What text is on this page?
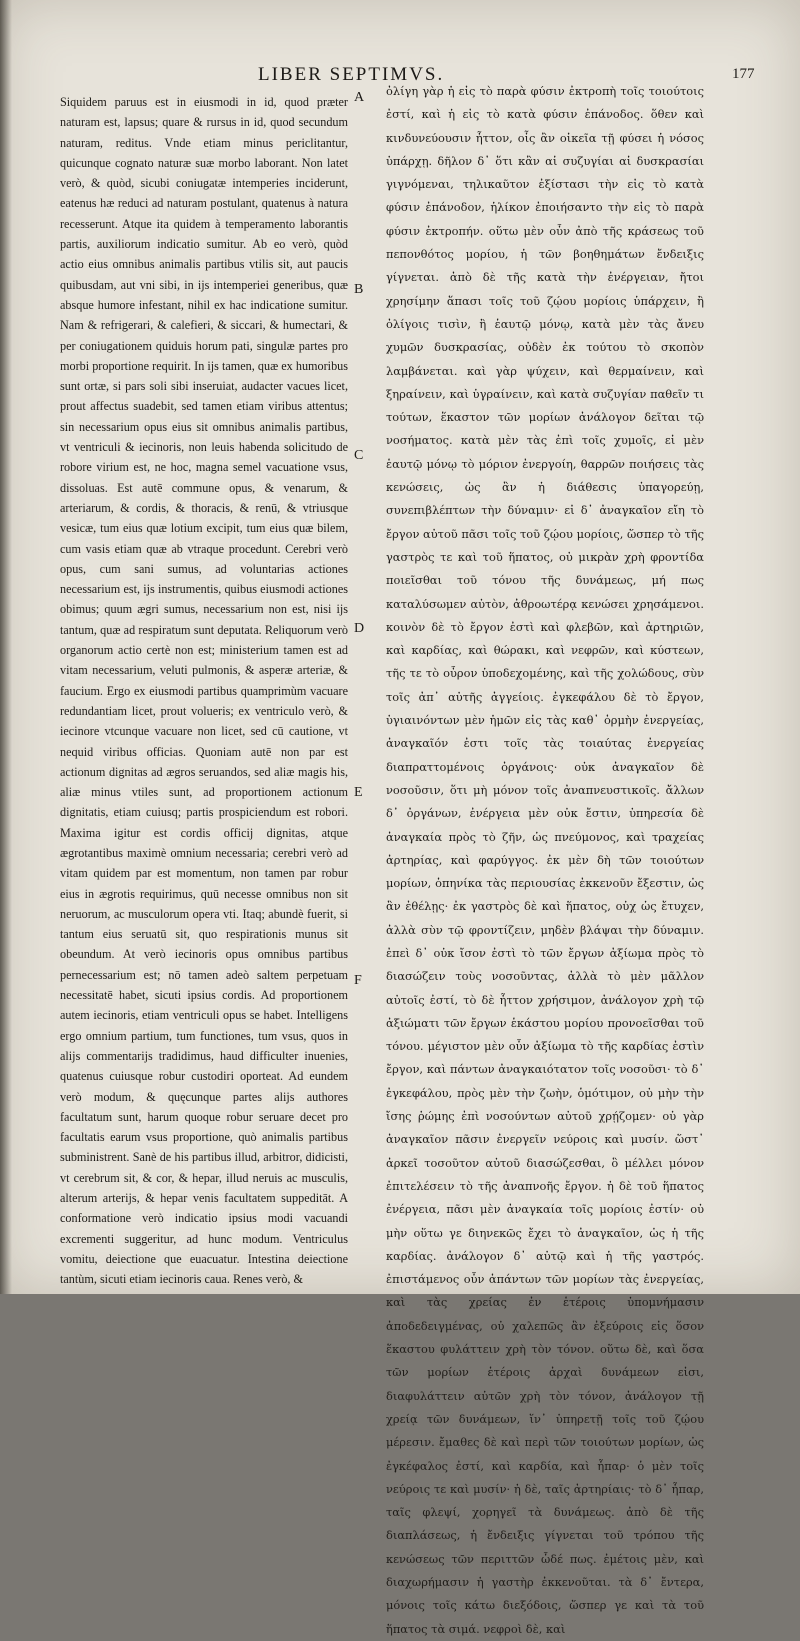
LIBER SEPTIMVS.	177

Siquidem paruus est in eiusmodi in id, quod præter naturam est, lapsus; quare & rursus in id, quod secundum naturam, reditus. Vnde etiam minus periclitantur, quicunque cognato naturæ suæ morbo laborant. Non latet verò, & quòd, sicubi coniugatæ intemperies inciderunt, eatenus hæ reduci ad naturam postulant, quatenus à natura recesserunt. Atque ita quidem à temperamento laborantis partis, auxiliorum indicatio sumitur. Ab eo verò, quòd actio eius omnibus animalis partibus vtilis sit, aut paucis quibusdam, aut vni sibi, in ijs intemperiei generibus, quæ absque humore infestant, nihil ex hac indicatione sumitur. Nam & refrigerari, & calefieri, & siccari, & humectari, & per coniugationem quiduis horum pati, singulæ partes pro morbi proportione requirit. In ijs tamen, quæ ex humoribus sunt ortæ, si pars soli sibi inseruiat, audacter vacues licet, prout affectus suadebit, sed tamen etiam viribus attentus; sin necessarium opus eius sit omnibus animalis partibus, vt ventriculi & iecinoris, non leuis habenda solicitudo de robore virium est, ne hoc, magna semel vacuatione vsus, dissoluas. Est autē commune opus, & venarum, & arteriarum, & cordis, & thoracis, & renū, & vtriusque vesicæ, tum eius quæ lotium excipit, tum eius quæ bilem, cum vasis etiam quæ ab vtraque procedunt. Cerebri verò opus, cum sani sumus, ad voluntarias actiones necessarium est, ijs instrumentis, quibus eiusmodi actiones obimus; quum ægri sumus, necessarium non est, nisi ijs tantum, quæ ad respiratum sunt deputata. Reliquorum verò organorum actio certè non est; ministerium tamen est ad vitam necessarium, veluti pulmonis, & asperæ arteriæ, & faucium. Ergo ex eiusmodi partibus quamprimùm vacuare redundantiam licet, prout volueris; ex ventriculo verò, & iecinore vtcunque vacuare non licet, sed cū cautione, vt nequid viribus officias. Quoniam autē non par est actionum dignitas ad ægros seruandos, sed aliæ magis his, aliæ minus vtiles sunt, ad proportionem actionum dignitatis, etiam cuiusq; partis prospiciendum est robori. Maxima igitur est cordis officij dignitas, atque ægrotantibus maximè omnium necessaria; cerebri verò ad vitam quidem par est momentum, non tamen par robur eius in ægrotis requirimus, quū necesse omnibus non sit neruorum, ac musculorum opera vti. Itaq; abundè fuerit, si tantum eius seruatū sit, quo respirationis munus sit obeundum. At verò iecinoris opus omnibus partibus pernecessarium est; nō tamen adeò saltem perpetuam necessitatē habet, sicuti ipsius cordis. Ad proportionem autem iecinoris, etiam ventriculi opus se habet. Intelligens ergo omnium partium, tum functiones, tum vsus, quos in alijs commentarijs tradidimus, haud difficulter inuenies, quatenus cuiusque robur custodiri oporteat. Ad eundem verò modum, & quęcunque partes alijs authores facultatum sunt, harum quoque robur seruare decet pro facultatis earum vsus proportione, quò animalis partibus subministrent. Sanè de his partibus illud, arbitror, didicisti, vt cerebrum sit, & cor, & hepar, illud neruis ac musculis, alterum arterijs, & hepar venis facultatem suppeditāt. A conformatione verò indicatio ipsius modi vacuandi excrementi suggeritur, ad hunc modum. Ventriculus vomitu, deiectione que euacuatur. Intestina deiectione tantùm, sicuti etiam iecinoris caua. Renes verò, &

A
B
C
D
E
F

ὀλίγη γὰρ ἡ εἰς τὸ παρὰ φύσιν ἐκτροπὴ τοῖς τοιούτοις ἐστί, καὶ ἡ εἰς τὸ κατὰ φύσιν ἐπάνοδος. ὅθεν καὶ κινδυνεύουσιν ἧττον, οἷς ἂν οἰκεῖα τῇ φύσει ἡ νόσος ὑπάρχῃ. δῆλον δ᾽ ὅτι κἂν αἱ συζυγίαι αἱ δυσκρασίαι γιγνόμεναι, τηλικαῦτον ἐξίστασι τὴν εἰς τὸ κατὰ φύσιν ἐπάνοδον, ἡλίκον ἐποιήσαντο τὴν εἰς τὸ παρὰ φύσιν ἐκτροπήν. οὕτω μὲν οὖν ἀπὸ τῆς κράσεως τοῦ πεπονθότος μορίου, ἡ τῶν βοηθημάτων ἔνδειξις γίγνεται. ἀπὸ δὲ τῆς κατὰ τὴν ἐνέργειαν, ἤτοι χρησίμην ἅπασι τοῖς τοῦ ζῴου μορίοις ὑπάρχειν, ἢ ὀλίγοις τισὶν, ἢ ἑαυτῷ μόνῳ, κατὰ μὲν τὰς ἄνευ χυμῶν δυσκρασίας, οὐδὲν ἐκ τούτου τὸ σκοπὸν λαμβάνεται. καὶ γὰρ ψύχειν, καὶ θερμαίνειν, καὶ ξηραίνειν, καὶ ὑγραίνειν, καὶ κατὰ συζυγίαν παθεῖν τι τούτων, ἕκαστον τῶν μορίων ἀνάλογον δεῖται τῷ νοσήματος. κατὰ μὲν τὰς ἐπὶ τοῖς χυμοῖς, εἰ μὲν ἑαυτῷ μόνῳ τὸ μόριον ἐνεργοίη, θαρρῶν ποιήσεις τὰς κενώσεις, ὡς ἂν ἡ διάθεσις ὑπαγορεύῃ, συνεπιβλέπτων τὴν δύναμιν· εἰ δ᾽ ἀναγκαῖον εἴη τὸ ἔργον αὐτοῦ πᾶσι τοῖς τοῦ ζῴου μορίοις, ὥσπερ τὸ τῆς γαστρὸς τε καὶ τοῦ ἥπατος, οὐ μικρὰν χρὴ φροντίδα ποιεῖσθαι τοῦ τόνου τῆς δυνάμεως, μή πως καταλύσωμεν αὐτὸν, ἀθροωτέρᾳ κενώσει χρησάμενοι. κοινὸν δὲ τὸ ἔργον ἐστὶ καὶ φλεβῶν, καὶ ἀρτηριῶν, καὶ καρδίας, καὶ θώρακι, καὶ νεφρῶν, καὶ κύστεων, τῆς τε τὸ οὖρον ὑποδεχομένης, καὶ τῆς χολώδους, σὺν τοῖς ἀπ᾽ αὐτῆς ἀγγείοις. ἐγκεφάλου δὲ τὸ ἔργον, ὑγιαινόντων μὲν ἡμῶν εἰς τὰς καθ᾽ ὁρμὴν ἐνεργείας, ἀναγκαῖόν ἐστι τοῖς τὰς τοιαύτας ἐνεργείας διαπραττομένοις ὀργάνοις· οὐκ ἀναγκαῖον δὲ νοσοῦσιν, ὅτι μὴ μόνον τοῖς ἀναπνευστικοῖς. ἄλλων δ᾽ ὀργάνων, ἐνέργεια μὲν οὐκ ἔστιν, ὑπηρεσία δὲ ἀναγκαία πρὸς τὸ ζῆν, ὡς πνεύμονος, καὶ τραχείας ἀρτηρίας, καὶ φαρύγγος. ἐκ μὲν δὴ τῶν τοιούτων μορίων, ὁπηνίκα τὰς περιουσίας ἐκκενοῦν ἔξεστιν, ὡς ἂν ἐθέλῃς· ἐκ γαστρὸς δὲ καὶ ἥπατος, οὐχ ὡς ἔτυχεν, ἀλλὰ σὺν τῷ φροντίζειν, μηδὲν βλάψαι τὴν δύναμιν. ἐπεὶ δ᾽ οὐκ ἴσον ἐστὶ τὸ τῶν ἔργων ἀξίωμα πρὸς τὸ διασώζειν τοὺς νοσοῦντας, ἀλλὰ τὸ μὲν μᾶλλον αὐτοῖς ἐστί, τὸ δὲ ἧττον χρήσιμον, ἀνάλογον χρὴ τῷ ἀξιώματι τῶν ἔργων ἑκάστου μορίου προνοεῖσθαι τοῦ τόνου. μέγιστον μὲν οὖν ἀξίωμα τὸ τῆς καρδίας ἐστὶν ἔργον, καὶ πάντων ἀναγκαιότατον τοῖς νοσοῦσι· τὸ δ᾽ ἐγκεφάλου, πρὸς μὲν τὴν ζωὴν, ὁμότιμον, οὐ μὴν τὴν ἴσης ῥώμης ἐπὶ νοσούντων αὐτοῦ χρῄζομεν· οὐ γὰρ ἀναγκαῖον πᾶσιν ἐνεργεῖν νεύροις καὶ μυσίν. ὥστ᾽ ἀρκεῖ τοσοῦτον αὐτοῦ διασώζεσθαι, ὃ μέλλει μόνον ἐπιτελέσειν τὸ τῆς ἀναπνοῆς ἔργον. ἡ δὲ τοῦ ἥπατος ἐνέργεια, πᾶσι μὲν ἀναγκαία τοῖς μορίοις ἐστίν· οὐ μὴν οὕτω γε διηνεκῶς ἔχει τὸ ἀναγκαῖον, ὡς ἡ τῆς καρδίας. ἀνάλογον δ᾽ αὐτῷ καὶ ἡ τῆς γαστρός. ἐπιστάμενος οὖν ἁπάντων τῶν μορίων τὰς ἐνεργείας, καὶ τὰς χρείας ἐν ἑτέροις ὑπομνήμασιν ἀποδεδειγμένας, οὐ χαλεπῶς ἂν ἐξεύροις εἰς ὅσον ἕκαστου φυλάττειν χρὴ τὸν τόνον. οὕτω δὲ, καὶ ὅσα τῶν μορίων ἑτέροις ἀρχαὶ δυνάμεων εἰσι, διαφυλάττειν αὐτῶν χρὴ τὸν τόνον, ἀνάλογον τῇ χρείᾳ τῶν δυνάμεων, ἵν᾽ ὑπηρετῇ τοῖς τοῦ ζῴου μέρεσιν. ἔμαθες δὲ καὶ περὶ τῶν τοιούτων μορίων, ὡς ἐγκέφαλος ἐστί, καὶ καρδία, καὶ ἧπαρ· ὁ μὲν τοῖς νεύροις τε καὶ μυσίν· ἡ δὲ, ταῖς ἀρτηρίαις· τὸ δ᾽ ἧπαρ, ταῖς φλεψί, χορηγεῖ τὰ δυνάμεως. ἀπὸ δὲ τῆς διαπλάσεως, ἡ ἔνδειξις γίγνεται τοῦ τρόπου τῆς κενώσεως τῶν περιττῶν ὧδέ πως. ἐμέτοις μὲν, καὶ διαχωρήμασιν ἡ γαστὴρ ἐκκενοῦται. τὰ δ᾽ ἔντερα, μόνοις τοῖς κάτω διεξόδοις, ὥσπερ γε καὶ τὰ τοῦ ἥπατος τὰ σιμά. νεφροὶ δὲ, καὶ
